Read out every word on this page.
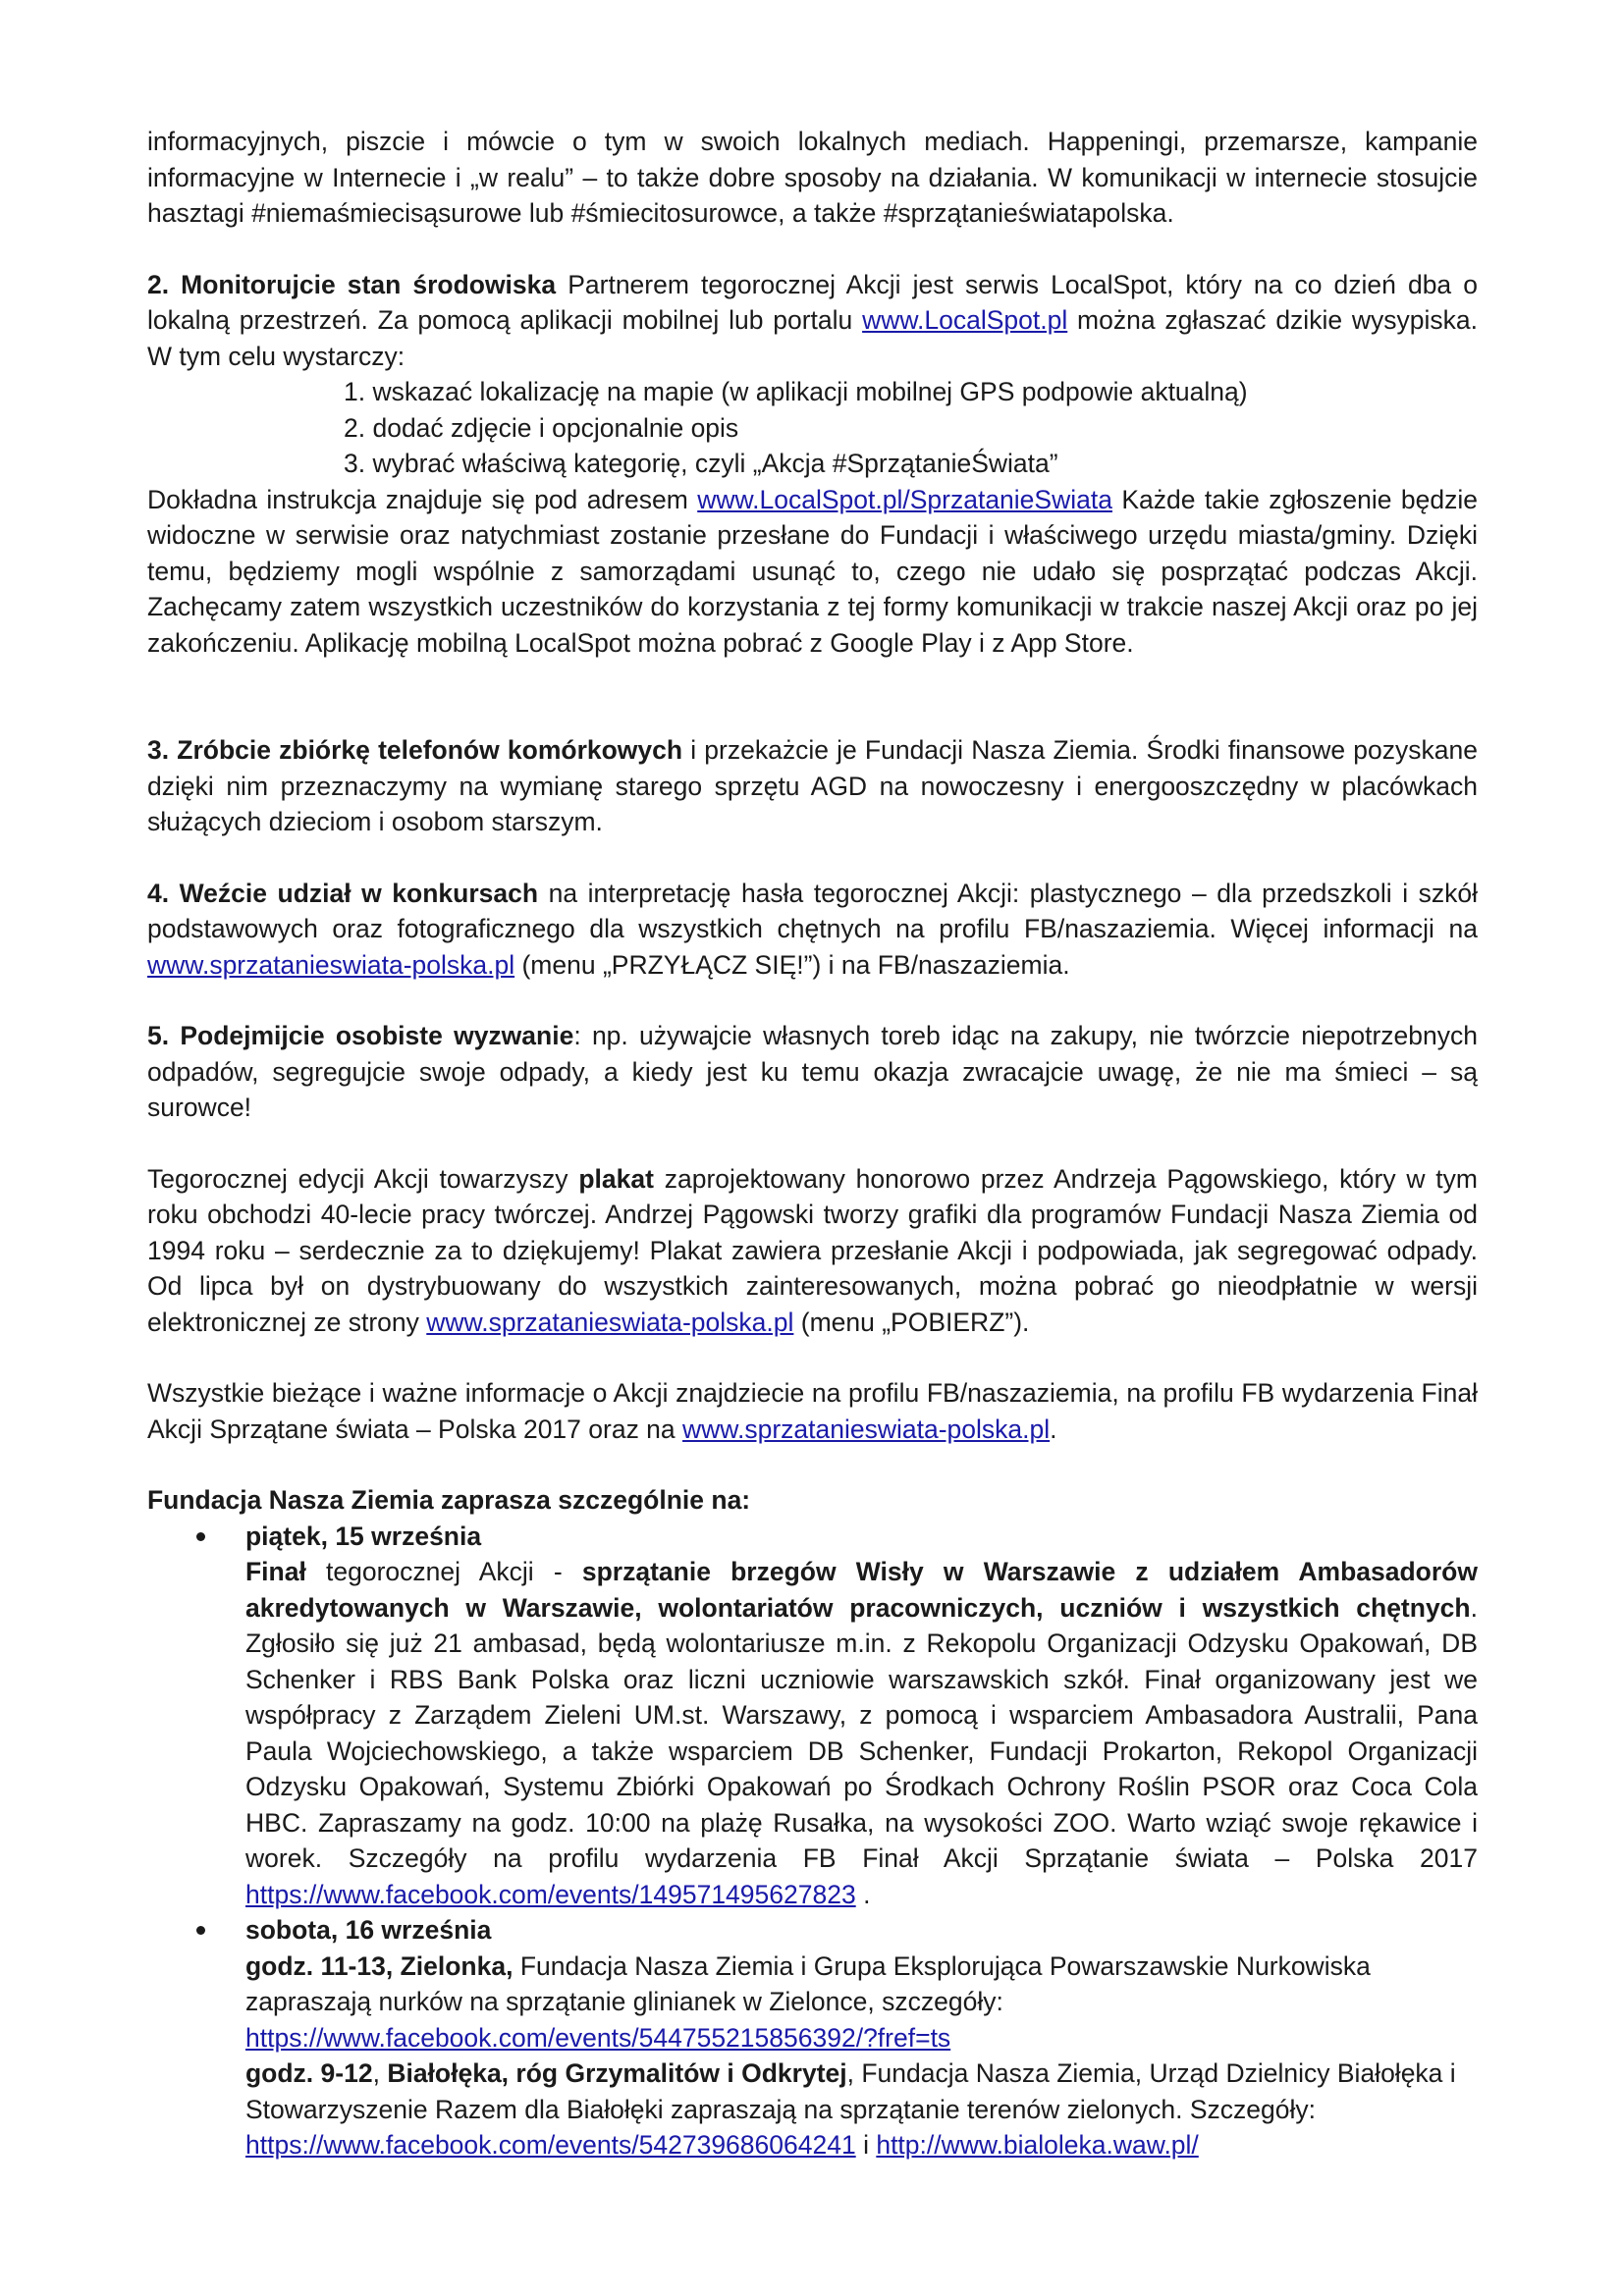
informacyjnych, piszcie i mówcie o tym w swoich lokalnych mediach. Happeningi, przemarsze, kampanie informacyjne w Internecie i „w realu” – to także dobre sposoby na działania. W komunikacji w internecie stosujcie hasztagi #niemaśmiecisąsurowe lub #śmiecitosurowce, a także #sprzątanieświatapolska.

2. Monitorujcie stan środowiska Partnerem tegorocznej Akcji jest serwis LocalSpot, który na co dzień dba o lokalną przestrzeń. Za pomocą aplikacji mobilnej lub portalu www.LocalSpot.pl można zgłaszać dzikie wysypiska. W tym celu wystarczy:

1. wskazać lokalizację na mapie (w aplikacji mobilnej GPS podpowie aktualną)
2. dodać zdjęcie i opcjonalnie opis
3. wybrać właściwą kategorię, czyli „Akcja #SprzątanieŚwiata”

Dokładna instrukcja znajduje się pod adresem www.LocalSpot.pl/SprzatanieSwiata Każde takie zgłoszenie będzie widoczne w serwisie oraz natychmiast zostanie przesłane do Fundacji i właściwego urzędu miasta/gminy. Dzięki temu, będziemy mogli wspólnie z samorządami usunąć to, czego nie udało się posprzątać podczas Akcji. Zachęcamy zatem wszystkich uczestników do korzystania z tej formy komunikacji w trakcie naszej Akcji oraz po jej zakończeniu. Aplikację mobilną LocalSpot można pobrać z Google Play i z App Store.

3. Zróbcie zbiórkę telefonów komórkowych i przekażcie je Fundacji Nasza Ziemia. Środki finansowe pozyskane dzięki nim przeznaczymy na wymianę starego sprzętu AGD na nowoczesny i energooszczędny w placówkach służących dzieciom i osobom starszym.

4. Weźcie udział w konkursach na interpretację hasła tegorocznej Akcji: plastycznego – dla przedszkoli i szkół podstawowych oraz fotograficznego dla wszystkich chętnych na profilu FB/naszaziemia. Więcej informacji na www.sprzatanieswiata-polska.pl (menu „PRZYŁĄCZ SIĘ!”) i na FB/naszaziemia.

5. Podejmijcie osobiste wyzwanie: np. używajcie własnych toreb idąc na zakupy, nie twórzcie niepotrzebnych odpadów, segregujcie swoje odpady, a kiedy jest ku temu okazja zwracajcie uwagę, że nie ma śmieci – są surowce!

Tegorocznej edycji Akcji towarzyszy plakat zaprojektowany honorowo przez Andrzeja Pągowskiego, który w tym roku obchodzi 40-lecie pracy twórczej. Andrzej Pągowski tworzy grafiki dla programów Fundacji Nasza Ziemia od 1994 roku – serdecznie za to dziękujemy! Plakat zawiera przesłanie Akcji i podpowiada, jak segregować odpady. Od lipca był on dystrybuowany do wszystkich zainteresowanych, można pobrać go nieodpłatnie w wersji elektronicznej ze strony www.sprzatanieswiata-polska.pl (menu „POBIERZ”).

Wszystkie bieżące i ważne informacje o Akcji znajdziecie na profilu FB/naszaziemia, na profilu FB wydarzenia Finał Akcji Sprzątane świata – Polska 2017 oraz na www.sprzatanieswiata-polska.pl.

Fundacja Nasza Ziemia zaprasza szczególnie na:

piątek, 15 września
Finał tegorocznej Akcji - sprzątanie brzegów Wisły w Warszawie z udziałem Ambasadorów akredytowanych w Warszawie, wolontariatów pracowniczych, uczniów i wszystkich chętnych. Zgłosiło się już 21 ambasad, będą wolontariusze m.in. z Rekopolu Organizacji Odzysku Opakowań, DB Schenker i RBS Bank Polska oraz liczni uczniowie warszawskich szkół. Finał organizowany jest we współpracy z Zarządem Zieleni UM.st. Warszawy, z pomocą i wsparciem Ambasadora Australii, Pana Paula Wojciechowskiego, a także wsparciem DB Schenker, Fundacji Prokarton, Rekopol Organizacji Odzysku Opakowań, Systemu Zbiórki Opakowań po Środkach Ochrony Roślin PSOR oraz Coca Cola HBC. Zapraszamy na godz. 10:00 na plażę Rusałka, na wysokości ZOO. Warto wziąć swoje rękawice i worek. Szczegóły na profilu wydarzenia FB Finał Akcji Sprzątanie świata – Polska 2017 https://www.facebook.com/events/149571495627823 .
sobota, 16 września
godz. 11-13, Zielonka, Fundacja Nasza Ziemia i Grupa Eksplorująca Powarszawskie Nurkowiska zapraszają nurków na sprzątanie glinianek w Zielonce, szczegóły:
https://www.facebook.com/events/544755215856392/?fref=ts
godz. 9-12, Białołęka, róg Grzymalitów i Odkrytej, Fundacja Nasza Ziemia, Urząd Dzielnicy Białołęka i Stowarzyszenie Razem dla Białołęki zapraszają na sprzątanie terenów zielonych. Szczegóły: https://www.facebook.com/events/542739686064241 i http://www.bialoleka.waw.pl/
